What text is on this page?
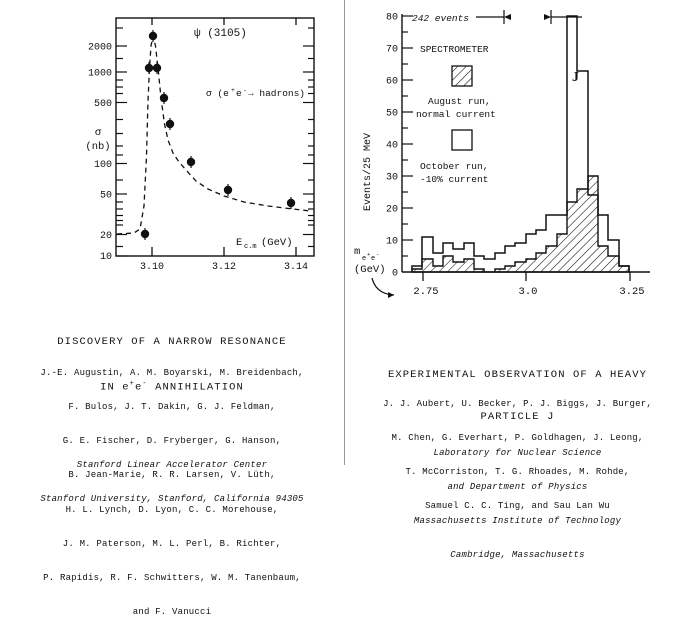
2000
1000
500
100
50
20
10
σ
(nb)
3.10	3.12	3.14
E c.m (GeV)
ψ (3105)
σ (e + e - → hadrons)

DISCOVERY OF A NARROW RESONANCE

IN e+e- ANNIHILATION

J.-E. Augustin, A. M. Boyarski, M. Breidenbach,

F. Bulos, J. T. Dakin, G. J. Feldman,

G. E. Fischer, D. Fryberger, G. Hanson,

B. Jean-Marie, R. R. Larsen, V. Lüth,

H. L. Lynch, D. Lyon, C. C. Morehouse,

J. M. Paterson, M. L. Perl, B. Richter,

P. Rapidis, R. F. Schwitters, W. M. Tanenbaum,

and F. Vanucci

Stanford Linear Accelerator Center

Stanford University, Stanford, California 94305

80
70
60
50
40
30
20
10
0
Events/25 MeV
2.75	3.0	3.25
m
e
+
e
-
(GeV)
242 events
SPECTROMETER
August run,
normal current
October run,
-10% current
J

EXPERIMENTAL OBSERVATION OF A HEAVY

PARTICLE J

J. J. Aubert, U. Becker, P. J. Biggs, J. Burger,

M. Chen, G. Everhart, P. Goldhagen, J. Leong,

T. McCorriston, T. G. Rhoades, M. Rohde,

Samuel C. C. Ting, and Sau Lan Wu

Laboratory for Nuclear Science

and Department of Physics

Massachusetts Institute of Technology

Cambridge, Massachusetts
